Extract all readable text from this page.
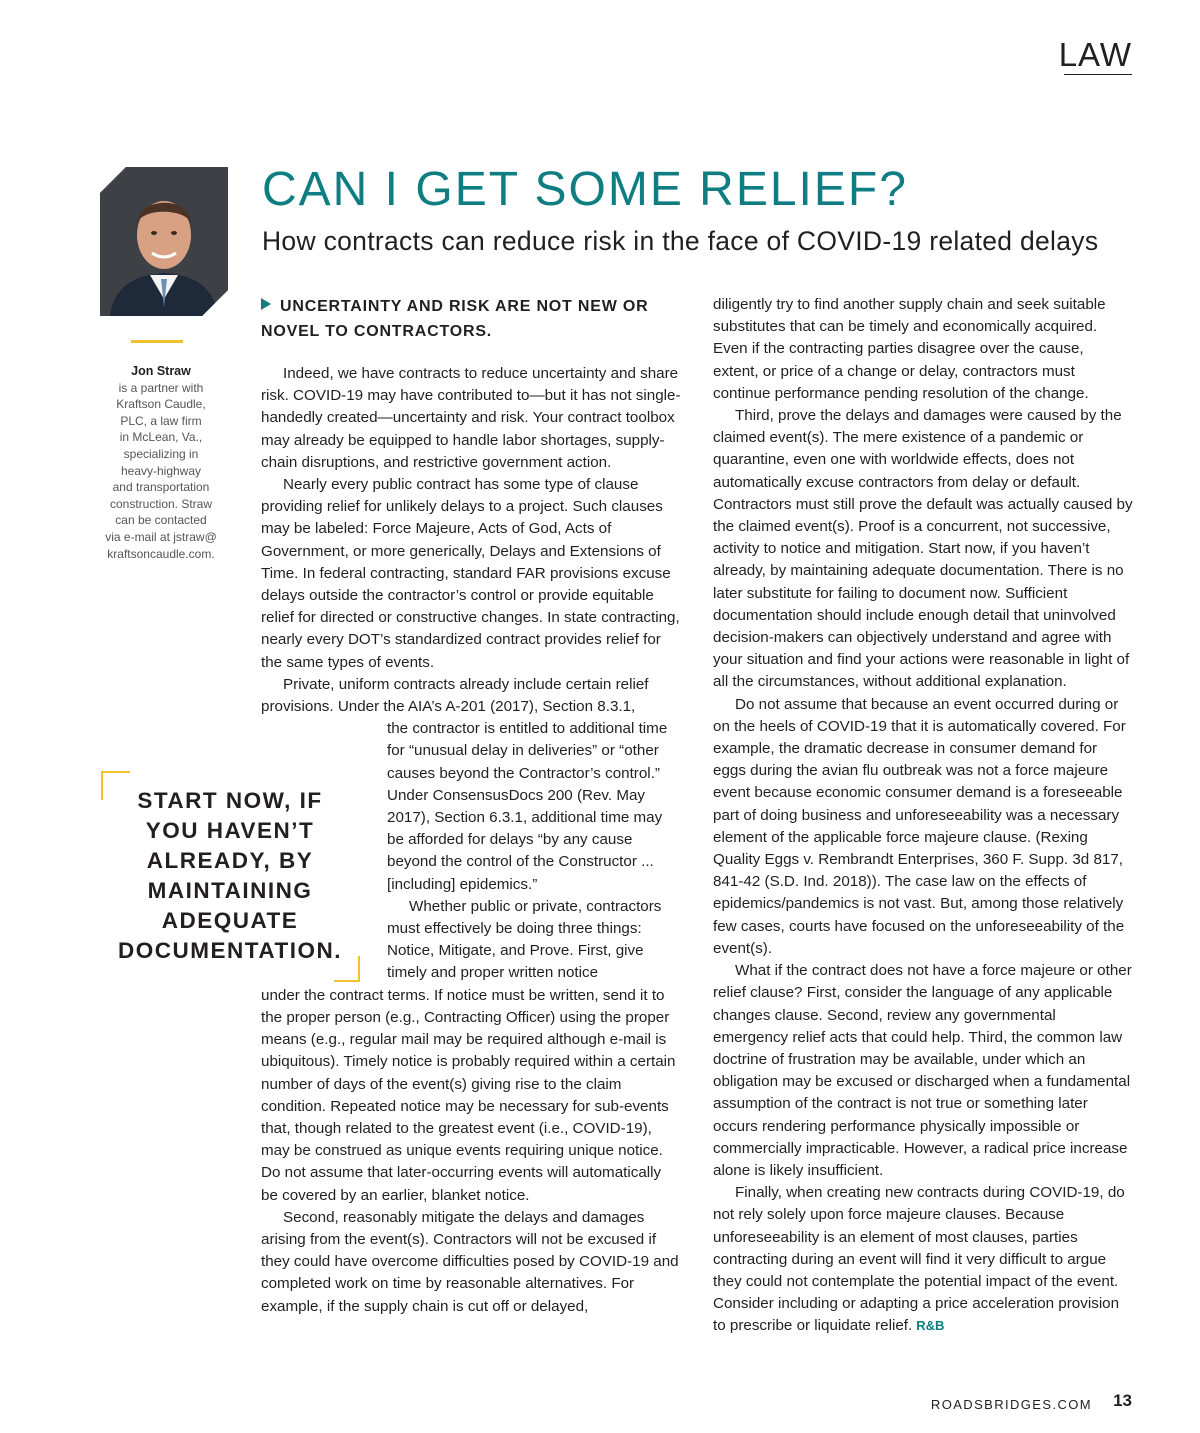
LAW
Jon Straw
is a partner with
Kraftson Caudle,
PLC, a law firm
in McLean, Va.,
specializing in
heavy-highway
and transportation
construction. Straw
can be contacted
via e-mail at jstraw@
kraftsoncaudle.com.
CAN I GET SOME RELIEF?
How contracts can reduce risk in the face of COVID-19 related delays
UNCERTAINTY AND RISK ARE NOT NEW OR NOVEL TO CONTRACTORS.

Indeed, we have contracts to reduce uncertainty and share risk. COVID-19 may have contributed to—but it has not single-handedly created—uncertainty and risk. Your contract toolbox may already be equipped to handle labor shortages, supply-chain disruptions, and restrictive government action.

Nearly every public contract has some type of clause providing relief for unlikely delays to a project. Such clauses may be labeled: Force Majeure, Acts of God, Acts of Government, or more generically, Delays and Extensions of Time. In federal contracting, standard FAR provisions excuse delays outside the contractor’s control or provide equitable relief for directed or constructive changes. In state contracting, nearly every DOT’s standardized contract provides relief for the same types of events.

Private, uniform contracts already include certain relief provisions. Under the AIA’s A-201 (2017), Section 8.3.1,

the contractor is entitled to additional time for “unusual delay in deliveries” or “other causes beyond the Contractor’s control.” Under ConsensusDocs 200 (Rev. May 2017), Section 6.3.1, additional time may be afforded for delays “by any cause beyond the control of the Constructor ... [including] epidemics.”

Whether public or private, contractors must effectively be doing three things: Notice, Mitigate, and Prove. First, give timely and proper written notice

under the contract terms. If notice must be written, send it to the proper person (e.g., Contracting Officer) using the proper means (e.g., regular mail may be required although e-mail is ubiquitous). Timely notice is probably required within a certain number of days of the event(s) giving rise to the claim condition. Repeated notice may be necessary for sub-events that, though related to the greatest event (i.e., COVID-19), may be construed as unique events requiring unique notice. Do not assume that later-occurring events will automatically be covered by an earlier, blanket notice.

Second, reasonably mitigate the delays and damages arising from the event(s). Contractors will not be excused if they could have overcome difficulties posed by COVID-19 and completed work on time by reasonable alternatives. For example, if the supply chain is cut off or delayed,

START NOW, IF YOU HAVEN’T ALREADY, BY MAINTAINING ADEQUATE DOCUMENTATION.

diligently try to find another supply chain and seek suitable substitutes that can be timely and economically acquired. Even if the contracting parties disagree over the cause, extent, or price of a change or delay, contractors must continue performance pending resolution of the change.

Third, prove the delays and damages were caused by the claimed event(s). The mere existence of a pandemic or quarantine, even one with worldwide effects, does not automatically excuse contractors from delay or default. Contractors must still prove the default was actually caused by the claimed event(s). Proof is a concurrent, not successive, activity to notice and mitigation. Start now, if you haven’t already, by maintaining adequate documentation. There is no later substitute for failing to document now. Sufficient documentation should include enough detail that uninvolved decision-makers can objectively understand and agree with your situation and find your actions were reasonable in light of all the circumstances, without additional explanation.

Do not assume that because an event occurred during or on the heels of COVID-19 that it is automatically covered. For example, the dramatic decrease in consumer demand for eggs during the avian flu outbreak was not a force majeure event because economic consumer demand is a foreseeable part of doing business and unforeseeability was a necessary element of the applicable force majeure clause. (Rexing Quality Eggs v. Rembrandt Enterprises, 360 F. Supp. 3d 817, 841-42 (S.D. Ind. 2018)). The case law on the effects of epidemics/pandemics is not vast. But, among those relatively few cases, courts have focused on the unforeseeability of the event(s).

What if the contract does not have a force majeure or other relief clause? First, consider the language of any applicable changes clause. Second, review any governmental emergency relief acts that could help. Third, the common law doctrine of frustration may be available, under which an obligation may be excused or discharged when a fundamental assumption of the contract is not true or something later occurs rendering performance physically impossible or commercially impracticable. However, a radical price increase alone is likely insufficient.

Finally, when creating new contracts during COVID-19, do not rely solely upon force majeure clauses. Because unforeseeability is an element of most clauses, parties contracting during an event will find it very difficult to argue they could not contemplate the potential impact of the event. Consider including or adapting a price acceleration provision to prescribe or liquidate relief. R&B

ROADSBRIDGES.COM 13
